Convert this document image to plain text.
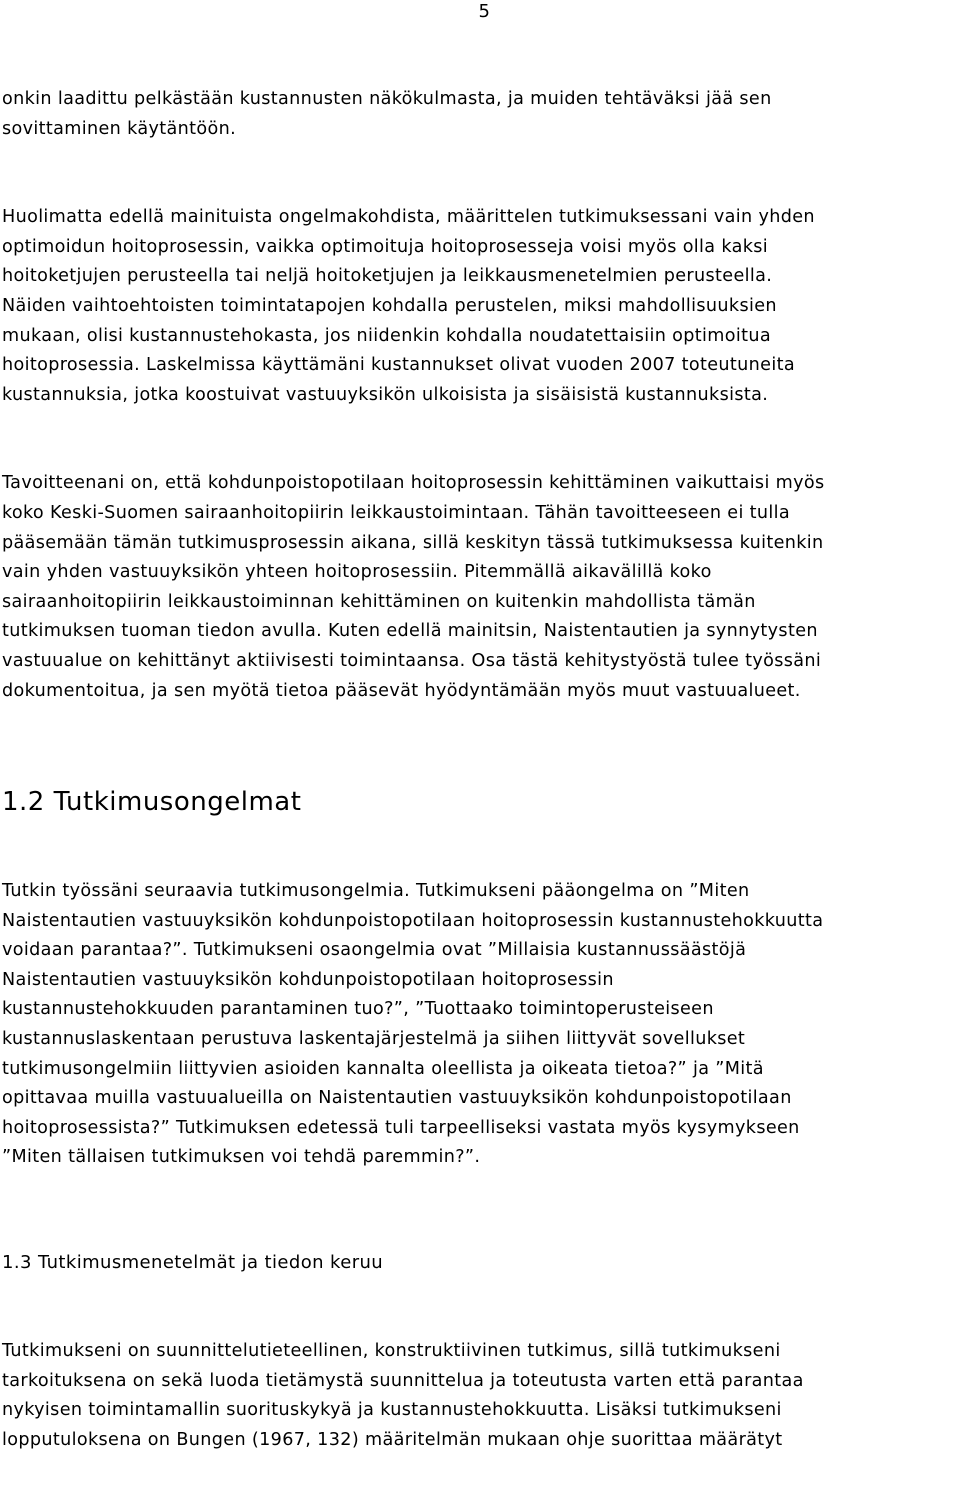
5

onkin laadittu pelkästään kustannusten näkökulmasta, ja muiden tehtäväksi jää sen
sovittaminen käytäntöön.

Huolimatta edellä mainituista ongelmakohdista, määrittelen tutkimuksessani vain yhden
optimoidun hoitoprosessin, vaikka optimoituja hoitoprosesseja voisi myös olla kaksi
hoitoketjujen perusteella tai neljä hoitoketjujen ja leikkausmenetelmien perusteella.
Näiden vaihtoehtoisten toimintatapojen kohdalla perustelen, miksi mahdollisuuksien
mukaan, olisi kustannustehokasta, jos niidenkin kohdalla noudatettaisiin optimoitua
hoitoprosessia. Laskelmissa käyttämäni kustannukset olivat vuoden 2007 toteutuneita
kustannuksia, jotka koostuivat vastuuyksikön ulkoisista ja sisäisistä kustannuksista.

Tavoitteenani on, että kohdunpoistopotilaan hoitoprosessin kehittäminen vaikuttaisi myös
koko Keski-Suomen sairaanhoitopiirin leikkaustoimintaan. Tähän tavoitteeseen ei tulla
pääsemään tämän tutkimusprosessin aikana, sillä keskityn tässä tutkimuksessa kuitenkin
vain yhden vastuuyksikön yhteen hoitoprosessiin. Pitemmällä aikavälillä koko
sairaanhoitopiirin leikkaustoiminnan kehittäminen on kuitenkin mahdollista tämän
tutkimuksen tuoman tiedon avulla. Kuten edellä mainitsin, Naistentautien ja synnytysten
vastuualue on kehittänyt aktiivisesti toimintaansa. Osa tästä kehitystyöstä tulee työssäni
dokumentoitua, ja sen myötä tietoa pääsevät hyödyntämään myös muut vastuualueet.

1.2 Tutkimusongelmat

Tutkin työssäni seuraavia tutkimusongelmia. Tutkimukseni pääongelma on ”Miten
Naistentautien vastuuyksikön kohdunpoistopotilaan hoitoprosessin kustannustehokkuutta
voidaan parantaa?”. Tutkimukseni osaongelmia ovat ”Millaisia kustannussäästöjä
Naistentautien vastuuyksikön kohdunpoistopotilaan hoitoprosessin
kustannustehokkuuden parantaminen tuo?”, ”Tuottaako toimintoperusteiseen
kustannuslaskentaan perustuva laskentajärjestelmä ja siihen liittyvät sovellukset
tutkimusongelmiin liittyvien asioiden kannalta oleellista ja oikeata tietoa?” ja ”Mitä
opittavaa muilla vastuualueilla on Naistentautien vastuuyksikön kohdunpoistopotilaan
hoitoprosessista?” Tutkimuksen edetessä tuli tarpeelliseksi vastata myös kysymykseen
”Miten tällaisen tutkimuksen voi tehdä paremmin?”.

1.3 Tutkimusmenetelmät ja tiedon keruu

Tutkimukseni on suunnittelutieteellinen, konstruktiivinen tutkimus, sillä tutkimukseni
tarkoituksena on sekä luoda tietämystä suunnittelua ja toteutusta varten että parantaa
nykyisen toimintamallin suorituskykyä ja kustannustehokkuutta. Lisäksi tutkimukseni
lopputuloksena on Bungen (1967, 132) määritelmän mukaan ohje suorittaa määrätyt
